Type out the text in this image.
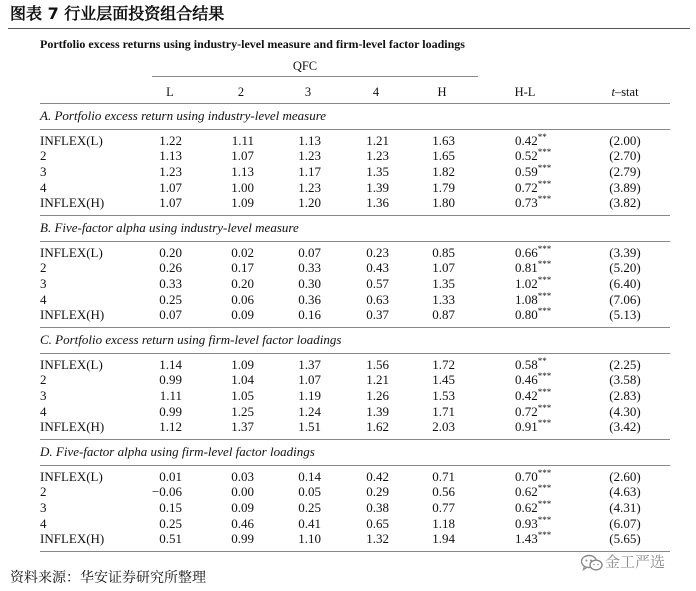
图表 7 行业层面投资组合结果
Portfolio excess returns using industry-level measure and firm-level factor loadings
QFC
L	2	3	4	H	H-L	t–stat
A. Portfolio excess return using industry-level measure
INFLEX(L)	1.22	1.11	1.13	1.21	1.63	0.42**	(2.00)
2	1.13	1.07	1.23	1.23	1.65	0.52***	(2.70)
3	1.23	1.13	1.17	1.35	1.82	0.59***	(2.79)
4	1.07	1.00	1.23	1.39	1.79	0.72***	(3.89)
INFLEX(H)	1.07	1.09	1.20	1.36	1.80	0.73***	(3.82)
B. Five-factor alpha using industry-level measure
INFLEX(L)	0.20	0.02	0.07	0.23	0.85	0.66***	(3.39)
2	0.26	0.17	0.33	0.43	1.07	0.81***	(5.20)
3	0.33	0.20	0.30	0.57	1.35	1.02***	(6.40)
4	0.25	0.06	0.36	0.63	1.33	1.08***	(7.06)
INFLEX(H)	0.07	0.09	0.16	0.37	0.87	0.80***	(5.13)
C. Portfolio excess return using firm-level factor loadings
INFLEX(L)	1.14	1.09	1.37	1.56	1.72	0.58**	(2.25)
2	0.99	1.04	1.07	1.21	1.45	0.46***	(3.58)
3	1.11	1.05	1.19	1.26	1.53	0.42***	(2.83)
4	0.99	1.25	1.24	1.39	1.71	0.72***	(4.30)
INFLEX(H)	1.12	1.37	1.51	1.62	2.03	0.91***	(3.42)
D. Five-factor alpha using firm-level factor loadings
INFLEX(L)	0.01	0.03	0.14	0.42	0.71	0.70***	(2.60)
2	−0.06	0.00	0.05	0.29	0.56	0.62***	(4.63)
3	0.15	0.09	0.25	0.38	0.77	0.62***	(4.31)
4	0.25	0.46	0.41	0.65	1.18	0.93***	(6.07)
INFLEX(H)	0.51	0.99	1.10	1.32	1.94	1.43***	(5.65)
资料来源：华安证券研究所整理
金工严选
